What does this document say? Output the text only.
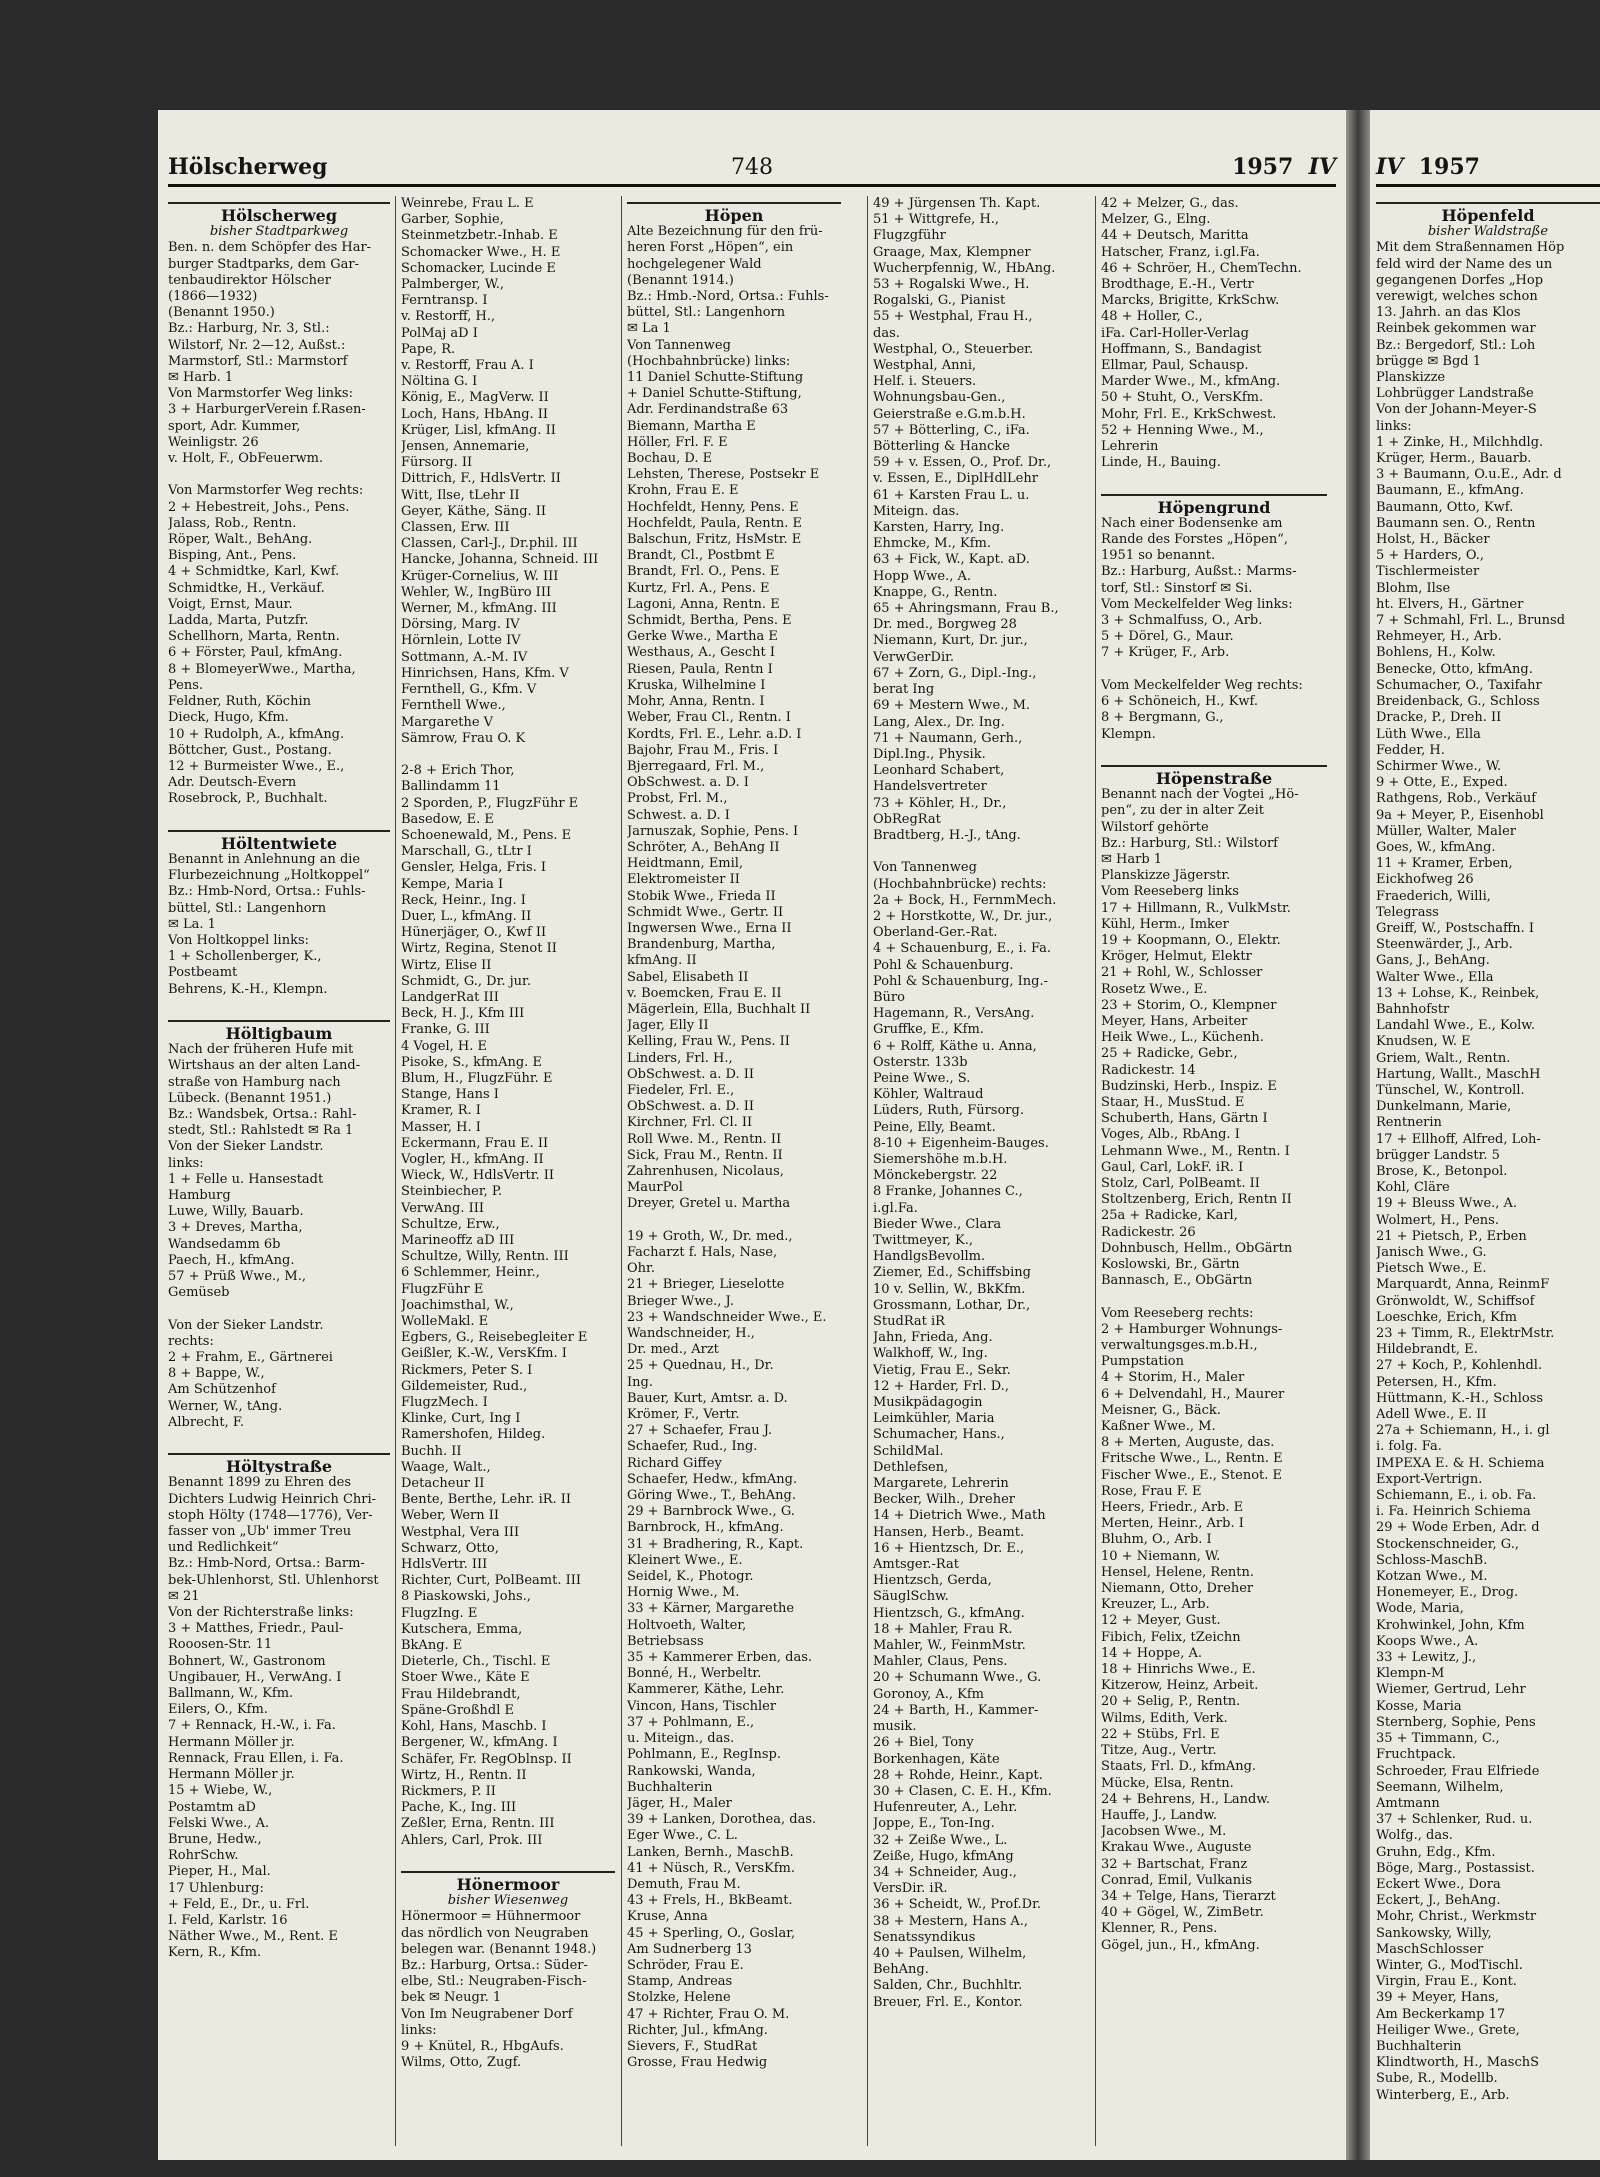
Hölscherweg	748	1957 IV
Hölscherweg
bisher Stadtparkweg
Ben. n. dem Schöpfer des Har-
burger Stadtparks, dem Gar-
tenbaudirektor Hölscher
(1866—1932)
(Benannt 1950.)
Bz.: Harburg, Nr. 3, Stl.:
Wilstorf, Nr. 2—12, Außst.:
Marmstorf, Stl.: Marmstorf
✉ Harb. 1
Von Marmstorfer Weg links:
3 + HarburgerVerein f.Rasen-
sport, Adr. Kummer,
Weinligstr. 26
v. Holt, F., ObFeuerwm.

Von Marmstorfer Weg rechts:
2 + Hebestreit, Johs., Pens.
Jalass, Rob., Rentn.
Röper, Walt., BehAng.
Bisping, Ant., Pens.
4 + Schmidtke, Karl, Kwf.
Schmidtke, H., Verkäuf.
Voigt, Ernst, Maur.
Ladda, Marta, Putzfr.
Schellhorn, Marta, Rentn.
6 + Förster, Paul, kfmAng.
8 + BlomeyerWwe., Martha,
Pens.
Feldner, Ruth, Köchin
Dieck, Hugo, Kfm.
10 + Rudolph, A., kfmAng.
Böttcher, Gust., Postang.
12 + Burmeister Wwe., E.,
Adr. Deutsch-Evern
Rosebrock, P., Buchhalt.

Höltentwiete
Benannt in Anlehnung an die
Flurbezeichnung „Holtkoppel“
Bz.: Hmb-Nord, Ortsa.: Fuhls-
büttel, Stl.: Langenhorn
✉ La. 1
Von Holtkoppel links:
1 + Schollenberger, K.,
Postbeamt
Behrens, K.-H., Klempn.

Höltigbaum
Nach der früheren Hufe mit
Wirtshaus an der alten Land-
straße von Hamburg nach
Lübeck. (Benannt 1951.)
Bz.: Wandsbek, Ortsa.: Rahl-
stedt, Stl.: Rahlstedt ✉ Ra 1
Von der Sieker Landstr.
links:
1 + Felle u. Hansestadt
Hamburg
Luwe, Willy, Bauarb.
3 + Dreves, Martha,
Wandsedamm 6b
Paech, H., kfmAng.
57 + Prüß Wwe., M.,
Gemüseb

Von der Sieker Landstr.
rechts:
2 + Frahm, E., Gärtnerei
8 + Bappe, W.,
Am Schützenhof
Werner, W., tAng.
Albrecht, F.

Höltystraße
Benannt 1899 zu Ehren des
Dichters Ludwig Heinrich Chri-
stoph Hölty (1748—1776), Ver-
fasser von „Üb' immer Treu
und Redlichkeit“
Bz.: Hmb-Nord, Ortsa.: Barm-
bek-Uhlenhorst, Stl. Uhlenhorst
✉ 21
Von der Richterstraße links:
3 + Matthes, Friedr., Paul-
Rooosen-Str. 11
Bohnert, W., Gastronom
Ungibauer, H., VerwAng. I
Ballmann, W., Kfm.
Eilers, O., Kfm.
7 + Rennack, H.-W., i. Fa.
Hermann Möller jr.
Rennack, Frau Ellen, i. Fa.
Hermann Möller jr.
15 + Wiebe, W.,
Postamtm aD
Felski Wwe., A.
Brune, Hedw.,
RohrSchw.
Pieper, H., Mal.
17 Uhlenburg:
+ Feld, E., Dr., u. Frl.
I. Feld, Karlstr. 16
Näther Wwe., M., Rent. E
Kern, R., Kfm.
Weinrebe, Frau L. E
Garber, Sophie,
Steinmetzbetr.-Inhab. E
Schomacker Wwe., H. E
Schomacker, Lucinde E
Palmberger, W.,
Ferntransp. I
v. Restorff, H.,
PolMaj aD I
Pape, R.
v. Restorff, Frau A. I
Nöltina G. I
König, E., MagVerw. II
Loch, Hans, HbAng. II
Krüger, Lisl, kfmAng. II
Jensen, Annemarie,
Fürsorg. II
Dittrich, F., HdlsVertr. II
Witt, Ilse, tLehr II
Geyer, Käthe, Säng. II
Classen, Erw. III
Classen, Carl-J., Dr.phil. III
Hancke, Johanna, Schneid. III
Krüger-Cornelius, W. III
Wehler, W., IngBüro III
Werner, M., kfmAng. III
Dörsing, Marg. IV
Hörnlein, Lotte IV
Sottmann, A.-M. IV
Hinrichsen, Hans, Kfm. V
Fernthell, G., Kfm. V
Fernthell Wwe.,
Margarethe V
Sämrow, Frau O. K

2-8 + Erich Thor,
Ballindamm 11
2 Sporden, P., FlugzFühr E
Basedow, E. E
Schoenewald, M., Pens. E
Marschall, G., tLtr I
Gensler, Helga, Fris. I
Kempe, Maria I
Reck, Heinr., Ing. I
Duer, L., kfmAng. II
Hünerjäger, O., Kwf II
Wirtz, Regina, Stenot II
Wirtz, Elise II
Schmidt, G., Dr. jur.
LandgerRat III
Beck, H. J., Kfm III
Franke, G. III
4 Vogel, H. E
Pisoke, S., kfmAng. E
Blum, H., FlugzFühr. E
Stange, Hans I
Kramer, R. I
Masser, H. I
Eckermann, Frau E. II
Vogler, H., kfmAng. II
Wieck, W., HdlsVertr. II
Steinbiecher, P.
VerwAng. III
Schultze, Erw.,
Marineoffz aD III
Schultze, Willy, Rentn. III
6 Schlemmer, Heinr.,
FlugzFühr E
Joachimsthal, W.,
WolleMakl. E
Egbers, G., Reisebegleiter E
Geißler, K.-W., VersKfm. I
Rickmers, Peter S. I
Gildemeister, Rud.,
FlugzMech. I
Klinke, Curt, Ing I
Ramershofen, Hildeg.
Buchh. II
Waage, Walt.,
Detacheur II
Bente, Berthe, Lehr. iR. II
Weber, Wern II
Westphal, Vera III
Schwarz, Otto,
HdlsVertr. III
Richter, Curt, PolBeamt. III
8 Piaskowski, Johs.,
FlugzIng. E
Kutschera, Emma,
BkAng. E
Dieterle, Ch., Tischl. E
Stoer Wwe., Käte E
Frau Hildebrandt,
Späne-Großhdl E
Kohl, Hans, Maschb. I
Bergener, W., kfmAng. I
Schäfer, Fr. RegOblnsp. II
Wirtz, H., Rentn. II
Rickmers, P. II
Pache, K., Ing. III
Zeßler, Erna, Rentn. III
Ahlers, Carl, Prok. III

Hönermoor
bisher Wiesenweg
Hönermoor = Hühnermoor
das nördlich von Neugraben
belegen war. (Benannt 1948.)
Bz.: Harburg, Ortsa.: Süder-
elbe, Stl.: Neugraben-Fisch-
bek ✉ Neugr. 1
Von Im Neugrabener Dorf
links:
9 + Knütel, R., HbgAufs.
Wilms, Otto, Zugf.
Höpen
Alte Bezeichnung für den frü-
heren Forst „Höpen“, ein
hochgelegener Wald
(Benannt 1914.)
Bz.: Hmb.-Nord, Ortsa.: Fuhls-
büttel, Stl.: Langenhorn
✉ La 1
Von Tannenweg
(Hochbahnbrücke) links:
11 Daniel Schutte-Stiftung
+ Daniel Schutte-Stiftung,
Adr. Ferdinandstraße 63
Biemann, Martha E
Höller, Frl. F. E
Bochau, D. E
Lehsten, Therese, Postsekr E
Krohn, Frau E. E
Hochfeldt, Henny, Pens. E
Hochfeldt, Paula, Rentn. E
Balschun, Fritz, HsMstr. E
Brandt, Cl., Postbmt E
Brandt, Frl. O., Pens. E
Kurtz, Frl. A., Pens. E
Lagoni, Anna, Rentn. E
Schmidt, Bertha, Pens. E
Gerke Wwe., Martha E
Westhaus, A., Gescht I
Riesen, Paula, Rentn I
Kruska, Wilhelmine I
Mohr, Anna, Rentn. I
Weber, Frau Cl., Rentn. I
Kordts, Frl. E., Lehr. a.D. I
Bajohr, Frau M., Fris. I
Bjerregaard, Frl. M.,
ObSchwest. a. D. I
Probst, Frl. M.,
Schwest. a. D. I
Jarnuszak, Sophie, Pens. I
Schröter, A., BehAng II
Heidtmann, Emil,
Elektromeister II
Stobik Wwe., Frieda II
Schmidt Wwe., Gertr. II
Ingwersen Wwe., Erna II
Brandenburg, Martha,
kfmAng. II
Sabel, Elisabeth II
v. Boemcken, Frau E. II
Mägerlein, Ella, Buchhalt II
Jager, Elly II
Kelling, Frau W., Pens. II
Linders, Frl. H.,
ObSchwest. a. D. II
Fiedeler, Frl. E.,
ObSchwest. a. D. II
Kirchner, Frl. Cl. II
Roll Wwe. M., Rentn. II
Sick, Frau M., Rentn. II
Zahrenhusen, Nicolaus,
MaurPol
Dreyer, Gretel u. Martha

19 + Groth, W., Dr. med.,
Facharzt f. Hals, Nase,
Ohr.
21 + Brieger, Lieselotte
Brieger Wwe., J.
23 + Wandschneider Wwe., E.
Wandschneider, H.,
Dr. med., Arzt
25 + Quednau, H., Dr.
Ing.
Bauer, Kurt, Amtsr. a. D.
Krömer, F., Vertr.
27 + Schaefer, Frau J.
Schaefer, Rud., Ing.
Richard Giffey
Schaefer, Hedw., kfmAng.
Göring Wwe., T., BehAng.
29 + Barnbrock Wwe., G.
Barnbrock, H., kfmAng.
31 + Bradhering, R., Kapt.
Kleinert Wwe., E.
Seidel, K., Photogr.
Hornig Wwe., M.
33 + Kärner, Margarethe
Holtvoeth, Walter,
Betriebsass
35 + Kammerer Erben, das.
Bonné, H., Werbeltr.
Kammerer, Käthe, Lehr.
Vincon, Hans, Tischler
37 + Pohlmann, E.,
u. Miteign., das.
Pohlmann, E., RegInsp.
Rankowski, Wanda,
Buchhalterin
Jäger, H., Maler
39 + Lanken, Dorothea, das.
Eger Wwe., C. L.
Lanken, Bernh., MaschB.
41 + Nüsch, R., VersKfm.
Demuth, Frau M.
43 + Frels, H., BkBeamt.
Kruse, Anna
45 + Sperling, O., Goslar,
Am Sudnerberg 13
Schröder, Frau E.
Stamp, Andreas
Stolzke, Helene
47 + Richter, Frau O. M.
Richter, Jul., kfmAng.
Sievers, F., StudRat
Grosse, Frau Hedwig
49 + Jürgensen Th. Kapt.
51 + Wittgrefe, H.,
Flugzgführ
Graage, Max, Klempner
Wucherpfennig, W., HbAng.
53 + Rogalski Wwe., H.
Rogalski, G., Pianist
55 + Westphal, Frau H.,
das.
Westphal, O., Steuerber.
Westphal, Anni,
Helf. i. Steuers.
Wohnungsbau-Gen.,
Geierstraße e.G.m.b.H.
57 + Bötterling, C., iFa.
Bötterling & Hancke
59 + v. Essen, O., Prof. Dr.,
v. Essen, E., DiplHdlLehr
61 + Karsten Frau L. u.
Miteign. das.
Karsten, Harry, Ing.
Ehmcke, M., Kfm.
63 + Fick, W., Kapt. aD.
Hopp Wwe., A.
Knappe, G., Rentn.
65 + Ahringsmann, Frau B.,
Dr. med., Borgweg 28
Niemann, Kurt, Dr. jur.,
VerwGerDir.
67 + Zorn, G., Dipl.-Ing.,
berat Ing
69 + Mestern Wwe., M.
Lang, Alex., Dr. Ing.
71 + Naumann, Gerh.,
Dipl.Ing., Physik.
Leonhard Schabert,
Handelsvertreter
73 + Köhler, H., Dr.,
ObRegRat
Bradtberg, H.-J., tAng.

Von Tannenweg
(Hochbahnbrücke) rechts:
2a + Bock, H., FernmMech.
2 + Horstkotte, W., Dr. jur.,
Oberland-Ger.-Rat.
4 + Schauenburg, E., i. Fa.
Pohl & Schauenburg.
Pohl & Schauenburg, Ing.-
Büro
Hagemann, R., VersAng.
Gruffke, E., Kfm.
6 + Rolff, Käthe u. Anna,
Osterstr. 133b
Peine Wwe., S.
Köhler, Waltraud
Lüders, Ruth, Fürsorg.
Peine, Elly, Beamt.
8-10 + Eigenheim-Bauges.
Siemershöhe m.b.H.
Mönckebergstr. 22
8 Franke, Johannes C.,
i.gl.Fa.
Bieder Wwe., Clara
Twittmeyer, K.,
HandlgsBevollm.
Ziemer, Ed., Schiffsbing
10 v. Sellin, W., BkKfm.
Grossmann, Lothar, Dr.,
StudRat iR
Jahn, Frieda, Ang.
Walkhoff, W., Ing.
Vietig, Frau E., Sekr.
12 + Harder, Frl. D.,
Musikpädagogin
Leimkühler, Maria
Schumacher, Hans.,
SchildMal.
Dethlefsen,
Margarete, Lehrerin
Becker, Wilh., Dreher
14 + Dietrich Wwe., Math
Hansen, Herb., Beamt.
16 + Hientzsch, Dr. E.,
Amtsger.-Rat
Hientzsch, Gerda,
SäuglSchw.
Hientzsch, G., kfmAng.
18 + Mahler, Frau R.
Mahler, W., FeinmMstr.
Mahler, Claus, Pens.
20 + Schumann Wwe., G.
Goronoy, A., Kfm
24 + Barth, H., Kammer-
musik.
26 + Biel, Tony
Borkenhagen, Käte
28 + Rohde, Heinr., Kapt.
30 + Clasen, C. E. H., Kfm.
Hufenreuter, A., Lehr.
Joppe, E., Ton-Ing.
32 + Zeiße Wwe., L.
Zeiße, Hugo, kfmAng
34 + Schneider, Aug.,
VersDir. iR.
36 + Scheidt, W., Prof.Dr.
38 + Mestern, Hans A.,
Senatssyndikus
40 + Paulsen, Wilhelm,
BehAng.
Salden, Chr., Buchhltr.
Breuer, Frl. E., Kontor.
42 + Melzer, G., das.
Melzer, G., Elng.
44 + Deutsch, Maritta
Hatscher, Franz, i.gl.Fa.
46 + Schröer, H., ChemTechn.
Brodthage, E.-H., Vertr
Marcks, Brigitte, KrkSchw.
48 + Holler, C.,
iFa. Carl-Holler-Verlag
Hoffmann, S., Bandagist
Ellmar, Paul, Schausp.
Marder Wwe., M., kfmAng.
50 + Stuht, O., VersKfm.
Mohr, Frl. E., KrkSchwest.
52 + Henning Wwe., M.,
Lehrerin
Linde, H., Bauing.

Höpengrund
Nach einer Bodensenke am
Rande des Forstes „Höpen“,
1951 so benannt.
Bz.: Harburg, Außst.: Marms-
torf, Stl.: Sinstorf ✉ Si.
Vom Meckelfelder Weg links:
3 + Schmalfuss, O., Arb.
5 + Dörel, G., Maur.
7 + Krüger, F., Arb.

Vom Meckelfelder Weg rechts:
6 + Schöneich, H., Kwf.
8 + Bergmann, G.,
Klempn.

Höpenstraße
Benannt nach der Vogtei „Hö-
pen“, zu der in alter Zeit
Wilstorf gehörte
Bz.: Harburg, Stl.: Wilstorf
✉ Harb 1
Planskizze Jägerstr.
Vom Reeseberg links
17 + Hillmann, R., VulkMstr.
Kühl, Herm., Imker
19 + Koopmann, O., Elektr.
Kröger, Helmut, Elektr
21 + Rohl, W., Schlosser
Rosetz Wwe., E.
23 + Storim, O., Klempner
Meyer, Hans, Arbeiter
Heik Wwe., L., Küchenh.
25 + Radicke, Gebr.,
Radickestr. 14
Budzinski, Herb., Inspiz. E
Staar, H., MusStud. E
Schuberth, Hans, Gärtn I
Voges, Alb., RbAng. I
Lehmann Wwe., M., Rentn. I
Gaul, Carl, LokF. iR. I
Stolz, Carl, PolBeamt. II
Stoltzenberg, Erich, Rentn II
25a + Radicke, Karl,
Radickestr. 26
Dohnbusch, Hellm., ObGärtn
Koslowski, Br., Gärtn
Bannasch, E., ObGärtn

Vom Reeseberg rechts:
2 + Hamburger Wohnungs-
verwaltungsges.m.b.H.,
Pumpstation
4 + Storim, H., Maler
6 + Delvendahl, H., Maurer
Meisner, G., Bäck.
Kaßner Wwe., M.
8 + Merten, Auguste, das.
Fritsche Wwe., L., Rentn. E
Fischer Wwe., E., Stenot. E
Rose, Frau F. E
Heers, Friedr., Arb. E
Merten, Heinr., Arb. I
Bluhm, O., Arb. I
10 + Niemann, W.
Hensel, Helene, Rentn.
Niemann, Otto, Dreher
Kreuzer, L., Arb.
12 + Meyer, Gust.
Fibich, Felix, tZeichn
14 + Hoppe, A.
18 + Hinrichs Wwe., E.
Kitzerow, Heinz, Arbeit.
20 + Selig, P., Rentn.
Wilms, Edith, Verk.
22 + Stübs, Frl. E
Titze, Aug., Vertr.
Staats, Frl. D., kfmAng.
Mücke, Elsa, Rentn.
24 + Behrens, H., Landw.
Hauffe, J., Landw.
Jacobsen Wwe., M.
Krakau Wwe., Auguste
32 + Bartschat, Franz
Conrad, Emil, Vulkanis
34 + Telge, Hans, Tierarzt
40 + Gögel, W., ZimBetr.
Klenner, R., Pens.
Gögel, jun., H., kfmAng.
IV 1957
Höpenfeld
bisher Waldstraße
Mit dem Straßennamen Höp
feld wird der Name des un
gegangenen Dorfes „Hop
verewigt, welches schon
13. Jahrh. an das Klos
Reinbek gekommen war
Bz.: Bergedorf, Stl.: Loh
brügge ✉ Bgd 1
Planskizze
Lohbrügger Landstraße
Von der Johann-Meyer-S
links:
1 + Zinke, H., Milchhdlg.
Krüger, Herm., Bauarb.
3 + Baumann, O.u.E., Adr. d
Baumann, E., kfmAng.
Baumann, Otto, Kwf.
Baumann sen. O., Rentn
Holst, H., Bäcker
5 + Harders, O.,
Tischlermeister
Blohm, Ilse
ht. Elvers, H., Gärtner
7 + Schmahl, Frl. L., Brunsd
Rehmeyer, H., Arb.
Bohlens, H., Kolw.
Benecke, Otto, kfmAng.
Schumacher, O., Taxifahr
Breidenback, G., Schloss
Dracke, P., Dreh. II
Lüth Wwe., Ella
Fedder, H.
Schirmer Wwe., W.
9 + Otte, E., Exped.
Rathgens, Rob., Verkäuf
9a + Meyer, P., Eisenhobl
Müller, Walter, Maler
Goes, W., kfmAng.
11 + Kramer, Erben,
Eickhofweg 26
Fraederich, Willi,
Telegrass
Greiff, W., Postschaffn. I
Steenwärder, J., Arb.
Gans, J., BehAng.
Walter Wwe., Ella
13 + Lohse, K., Reinbek,
Bahnhofstr
Landahl Wwe., E., Kolw.
Knudsen, W. E
Griem, Walt., Rentn.
Hartung, Wallt., MaschH
Tünschel, W., Kontroll.
Dunkelmann, Marie,
Rentnerin
17 + Ellhoff, Alfred, Loh-
brügger Landstr. 5
Brose, K., Betonpol.
Kohl, Cläre
19 + Bleuss Wwe., A.
Wolmert, H., Pens.
21 + Pietsch, P., Erben
Janisch Wwe., G.
Pietsch Wwe., E.
Marquardt, Anna, ReinmF
Grönwoldt, W., Schiffsof
Loeschke, Erich, Kfm
23 + Timm, R., ElektrMstr.
Hildebrandt, E.
27 + Koch, P., Kohlenhdl.
Petersen, H., Kfm.
Hüttmann, K.-H., Schloss
Adell Wwe., E. II
27a + Schiemann, H., i. gl
i. folg. Fa.
IMPEXA E. & H. Schiema
Export-Vertrign.
Schiemann, E., i. ob. Fa.
i. Fa. Heinrich Schiema
29 + Wode Erben, Adr. d
Stockenschneider, G.,
Schloss-MaschB.
Kotzan Wwe., M.
Honemeyer, E., Drog.
Wode, Maria,
Krohwinkel, John, Kfm
Koops Wwe., A.
33 + Lewitz, J.,
Klempn-M
Wiemer, Gertrud, Lehr
Kosse, Maria
Sternberg, Sophie, Pens
35 + Timmann, C.,
Fruchtpack.
Schroeder, Frau Elfriede
Seemann, Wilhelm,
Amtmann
37 + Schlenker, Rud. u.
Wolfg., das.
Gruhn, Edg., Kfm.
Böge, Marg., Postassist.
Eckert Wwe., Dora
Eckert, J., BehAng.
Mohr, Christ., Werkmstr
Sankowsky, Willy,
MaschSchlosser
Winter, G., ModTischl.
Virgin, Frau E., Kont.
39 + Meyer, Hans,
Am Beckerkamp 17
Heiliger Wwe., Grete,
Buchhalterin
Klindtworth, H., MaschS
Sube, R., Modellb.
Winterberg, E., Arb.
